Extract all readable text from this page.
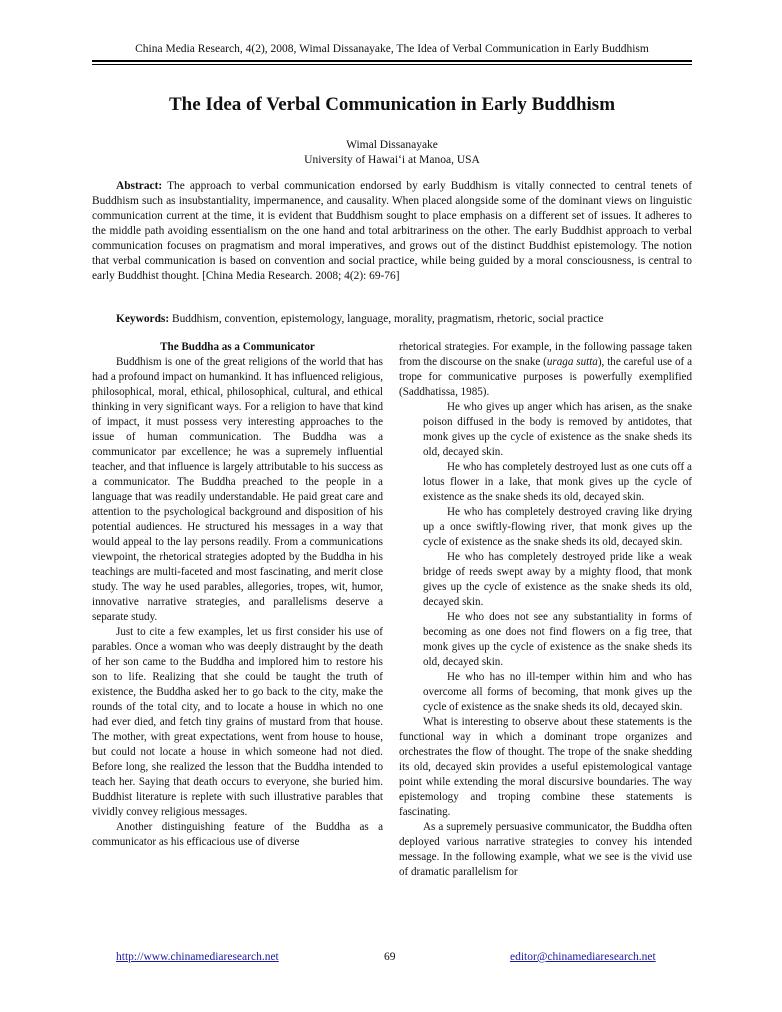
China Media Research, 4(2), 2008, Wimal Dissanayake, The Idea of Verbal Communication in Early Buddhism
The Idea of Verbal Communication in Early Buddhism
Wimal Dissanayake
University of Hawai‘i at Manoa, USA

Abstract: The approach to verbal communication endorsed by early Buddhism is vitally connected to central tenets of Buddhism such as insubstantiality, impermanence, and causality. When placed alongside some of the dominant views on linguistic communication current at the time, it is evident that Buddhism sought to place emphasis on a different set of issues. It adheres to the middle path avoiding essentialism on the one hand and total arbitrariness on the other. The early Buddhist approach to verbal communication focuses on pragmatism and moral imperatives, and grows out of the distinct Buddhist epistemology. The notion that verbal communication is based on convention and social practice, while being guided by a moral consciousness, is central to early Buddhist thought. [China Media Research. 2008; 4(2): 69-76]

Keywords: Buddhism, convention, epistemology, language, morality, pragmatism, rhetoric, social practice

The Buddha as a Communicator

Buddhism is one of the great religions of the world that has had a profound impact on humankind. It has influenced religious, philosophical, moral, ethical, philosophical, cultural, and ethical thinking in very significant ways. For a religion to have that kind of impact, it must possess very interesting approaches to the issue of human communication. The Buddha was a communicator par excellence; he was a supremely influential teacher, and that influence is largely attributable to his success as a communicator. The Buddha preached to the people in a language that was readily understandable. He paid great care and attention to the psychological background and disposition of his potential audiences. He structured his messages in a way that would appeal to the lay persons readily. From a communications viewpoint, the rhetorical strategies adopted by the Buddha in his teachings are multi-faceted and most fascinating, and merit close study. The way he used parables, allegories, tropes, wit, humor, innovative narrative strategies, and parallelisms deserve a separate study.

Just to cite a few examples, let us first consider his use of parables. Once a woman who was deeply distraught by the death of her son came to the Buddha and implored him to restore his son to life. Realizing that she could be taught the truth of existence, the Buddha asked her to go back to the city, make the rounds of the total city, and to locate a house in which no one had ever died, and fetch tiny grains of mustard from that house. The mother, with great expectations, went from house to house, but could not locate a house in which someone had not died. Before long, she realized the lesson that the Buddha intended to teach her. Saying that death occurs to everyone, she buried him. Buddhist literature is replete with such illustrative parables that vividly convey religious messages.

Another distinguishing feature of the Buddha as a communicator as his efficacious use of diverse

rhetorical strategies. For example, in the following passage taken from the discourse on the snake (uraga sutta), the careful use of a trope for communicative purposes is powerfully exemplified (Saddhatissa, 1985).

He who gives up anger which has arisen, as the snake poison diffused in the body is removed by antidotes, that monk gives up the cycle of existence as the snake sheds its old, decayed skin.

He who has completely destroyed lust as one cuts off a lotus flower in a lake, that monk gives up the cycle of existence as the snake sheds its old, decayed skin.

He who has completely destroyed craving like drying up a once swiftly-flowing river, that monk gives up the cycle of existence as the snake sheds its old, decayed skin.

He who has completely destroyed pride like a weak bridge of reeds swept away by a mighty flood, that monk gives up the cycle of existence as the snake sheds its old, decayed skin.

He who does not see any substantiality in forms of becoming as one does not find flowers on a fig tree, that monk gives up the cycle of existence as the snake sheds its old, decayed skin.

He who has no ill-temper within him and who has overcome all forms of becoming, that monk gives up the cycle of existence as the snake sheds its old, decayed skin.

What is interesting to observe about these statements is the functional way in which a dominant trope organizes and orchestrates the flow of thought. The trope of the snake shedding its old, decayed skin provides a useful epistemological vantage point while extending the moral discursive boundaries. The way epistemology and troping combine these statements is fascinating.

As a supremely persuasive communicator, the Buddha often deployed various narrative strategies to convey his intended message. In the following example, what we see is the vivid use of dramatic parallelism for

http://www.chinamediaresearch.net	69	editor@chinamediaresearch.net
